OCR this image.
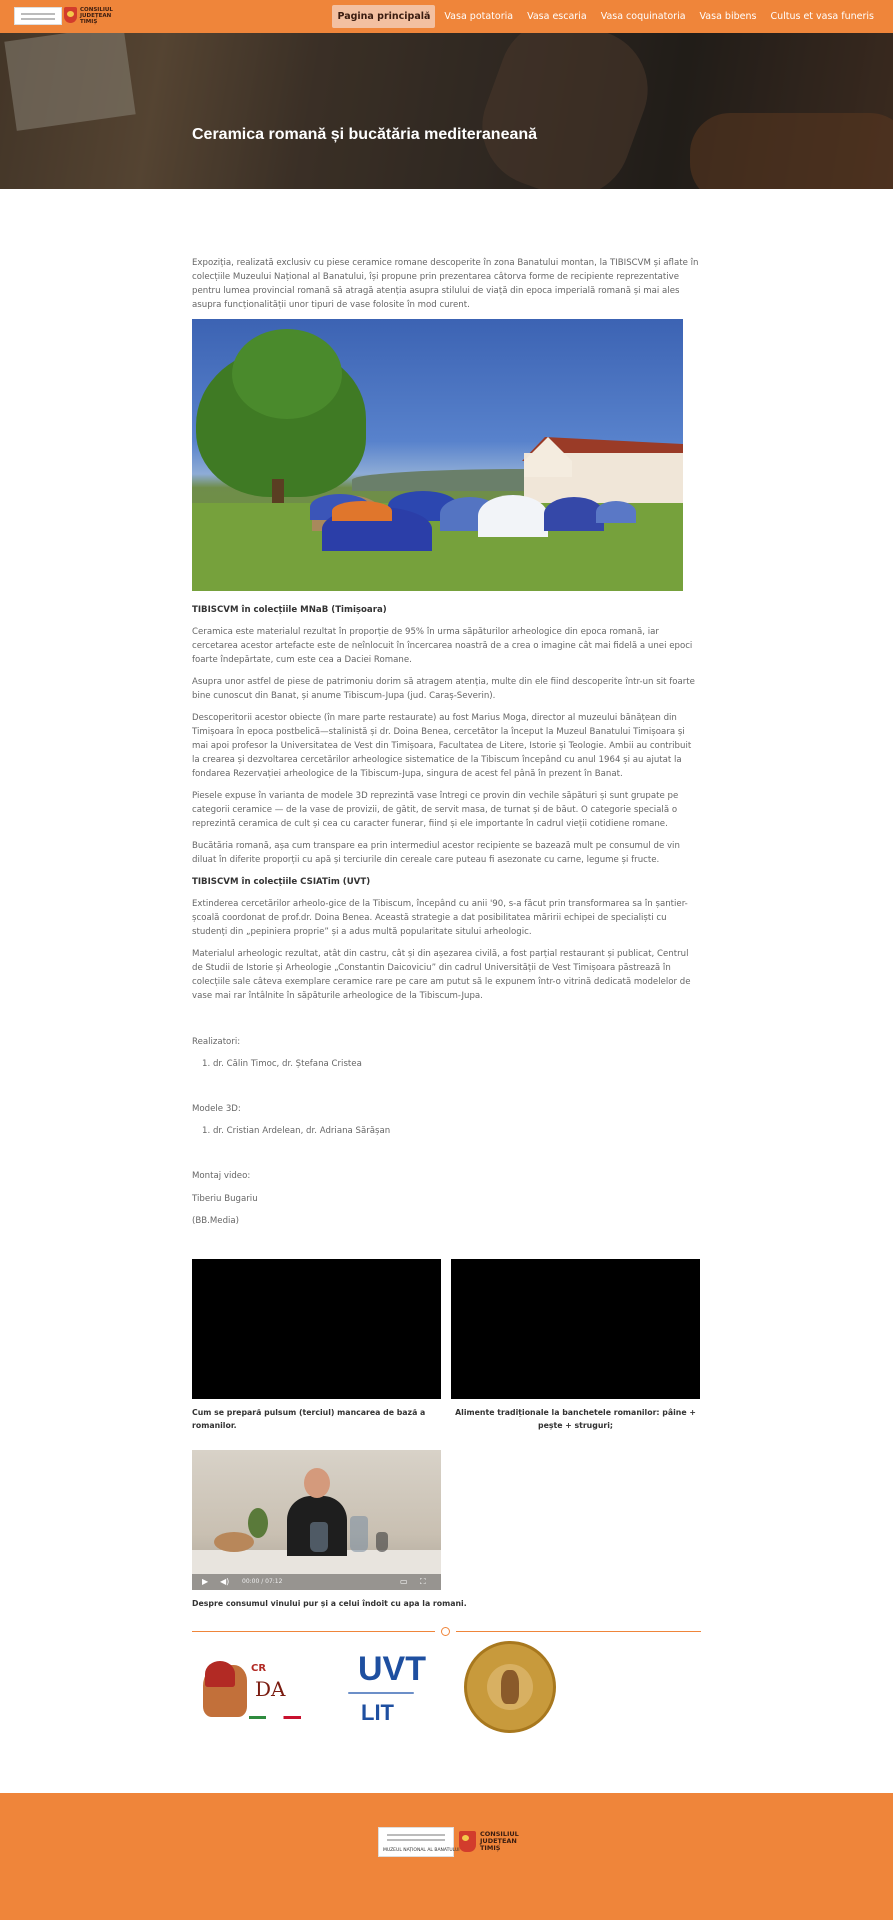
CONSILIUL JUDEȚEAN TIMIȘ	Pagina principală	Vasa potatoria	Vasa escaria	Vasa coquinatoria	Vasa bibens	Cultus et vasa funeris
Ceramica romană și bucătăria mediteraneană

Expoziția, realizată exclusiv cu piese ceramice romane descoperite în zona Banatului montan, la TIBISCVM și aflate în colecțiile Muzeului Național al Banatului, își propune prin prezentarea câtorva forme de recipiente reprezentative pentru lumea provincial romană să atragă atenția asupra stilului de viață din epoca imperială romană și mai ales asupra funcționalității unor tipuri de vase folosite în mod curent.

TIBISCVM în colecțiile MNaB (Timișoara)

Ceramica este materialul rezultat în proporție de 95% în urma săpăturilor arheologice din epoca romană, iar cercetarea acestor artefacte este de neînlocuit în încercarea noastră de a crea o imagine cât mai fidelă a unei epoci foarte îndepărtate, cum este cea a Daciei Romane.

Asupra unor astfel de piese de patrimoniu dorim să atragem atenția, multe din ele fiind descoperite într-un sit foarte bine cunoscut din Banat, și anume Tibiscum-Jupa (jud. Caraș-Severin).

Descoperitorii acestor obiecte (în mare parte restaurate) au fost Marius Moga, director al muzeului bănățean din Timișoara în epoca postbelică—stalinistă și dr. Doina Benea, cercetător la început la Muzeul Banatului Timișoara și mai apoi profesor la Universitatea de Vest din Timișoara, Facultatea de Litere, Istorie și Teologie. Ambii au contribuit la crearea și dezvoltarea cercetărilor arheologice sistematice de la Tibiscum începând cu anul 1964 și au ajutat la fondarea Rezervației arheologice de la Tibiscum-Jupa, singura de acest fel până în prezent în Banat.

Piesele expuse în varianta de modele 3D reprezintă vase întregi ce provin din vechile săpături și sunt grupate pe categorii ceramice — de la vase de provizii, de gătit, de servit masa, de turnat și de băut. O categorie specială o reprezintă ceramica de cult și cea cu caracter funerar, fiind și ele importante în cadrul vieții cotidiene romane.

Bucătăria romană, așa cum transpare ea prin intermediul acestor recipiente se bazează mult pe consumul de vin diluat în diferite proporții cu apă și terciurile din cereale care puteau fi asezonate cu carne, legume și fructe.

TIBISCVM în colecțiile CSIATim (UVT)

Extinderea cercetărilor arheolo-gice de la Tibiscum, începând cu anii '90, s-a făcut prin transformarea sa în șantier-școală coordonat de prof.dr. Doina Benea. Această strategie a dat posibilitatea măririi echipei de specialiști cu studenți din „pepiniera proprie” și a adus multă popularitate sitului arheologic.

Materialul arheologic rezultat, atât din castru, cât și din așezarea civilă, a fost parțial restaurant și publicat, Centrul de Studii de Istorie și Arheologie „Constantin Daicoviciu” din cadrul Universității de Vest Timișoara păstrează în colecțiile sale câteva exemplare ceramice rare pe care am putut să le expunem într-o vitrină dedicată modelelor de vase mai rar întâlnite în săpăturile arheologice de la Tibiscum-Jupa.

Realizatori:

1. dr. Călin Timoc, dr. Ștefana Cristea

Modele 3D:

1. dr. Cristian Ardelean, dr. Adriana Sărășan

Montaj video:

Tiberiu Bugariu

(BB.Media)

Cum se prepară pulsum (terciul) mancarea de bază a romanilor.
Alimente tradiționale la banchetele romanilor: pâine + pește + struguri;
▶ ◀) 00:00 / 07:12	▭ ⛶
Despre consumul vinului pur și a celui îndoit cu apa la romani.
CR
DA
UVT
LIT
MUZEUL NAȚIONAL AL BANATULUI
CONSILIUL JUDEȚEAN TIMIȘ
